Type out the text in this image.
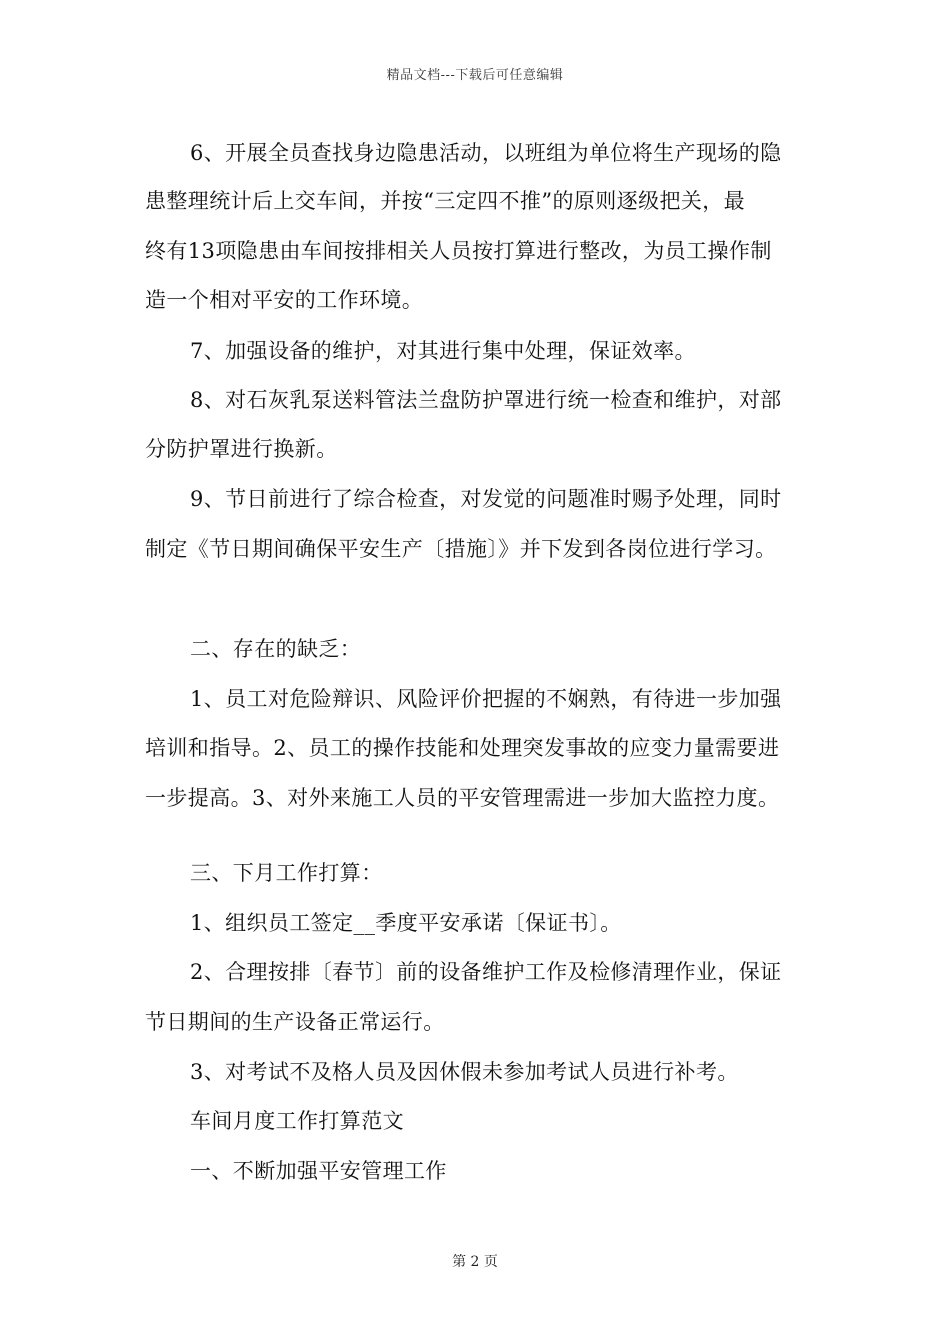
精品文档---下载后可任意编辑
6、开展全员查找身边隐患活动，以班组为单位将生产现场的隐
患整理统计后上交车间，并按“三定四不推”的原则逐级把关，最
终有13项隐患由车间按排相关人员按打算进行整改，为员工操作制
造一个相对平安的工作环境。
7、加强设备的维护，对其进行集中处理，保证效率。
8、对石灰乳泵送料管法兰盘防护罩进行统一检查和维护，对部
分防护罩进行换新。
9、节日前进行了综合检查，对发觉的问题准时赐予处理，同时
制定《节日期间确保平安生产〔措施〕》并下发到各岗位进行学习。
二、存在的缺乏：
1、员工对危险辩识、风险评价把握的不娴熟，有待进一步加强
培训和指导。2、员工的操作技能和处理突发事故的应变力量需要进
一步提高。3、对外来施工人员的平安管理需进一步加大监控力度。
三、下月工作打算：
1、组织员工签定__季度平安承诺〔保证书〕。
2、合理按排〔春节〕前的设备维护工作及检修清理作业，保证
节日期间的生产设备正常运行。
3、对考试不及格人员及因休假未参加考试人员进行补考。
车间月度工作打算范文
一、不断加强平安管理工作
第 2 页
